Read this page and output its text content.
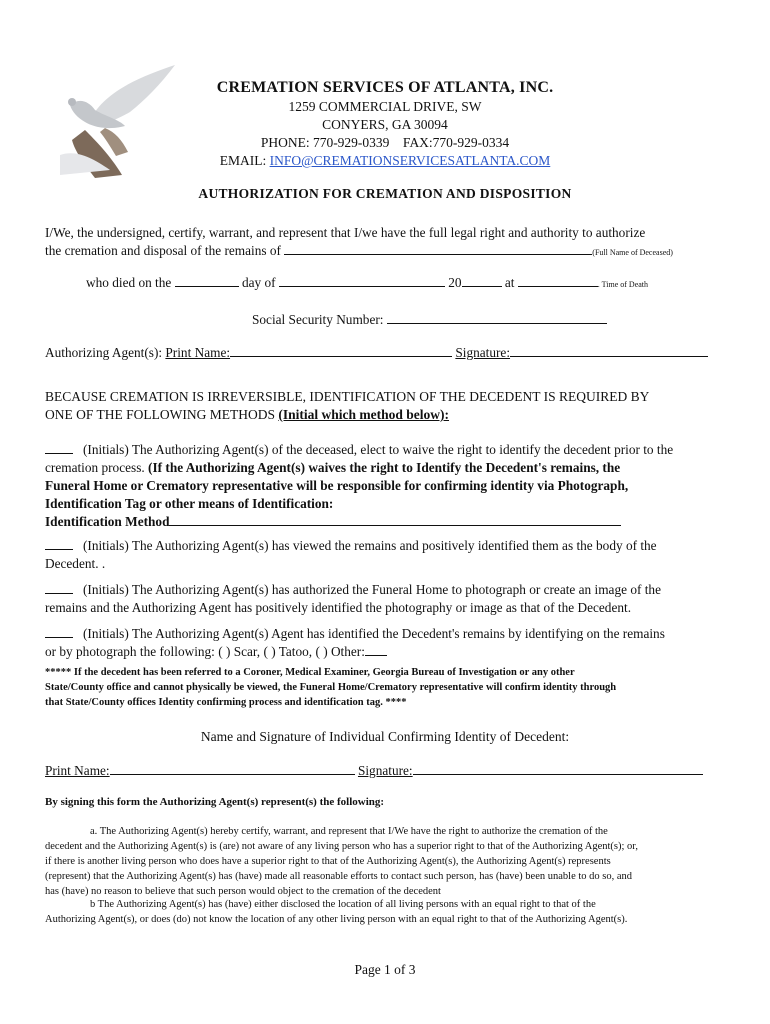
CREMATION SERVICES OF ATLANTA, INC.
1259 COMMERCIAL DRIVE, SW
CONYERS, GA 30094
PHONE: 770-929-0339    FAX:770-929-0334
EMAIL: INFO@CREMATIONSERVICESATLANTA.COM
AUTHORIZATION FOR CREMATION AND DISPOSITION
I/We, the undersigned, certify, warrant, and represent that I/we have the full legal right and authority to authorize
the cremation and disposal of the remains of	(Full Name of Deceased)
who died on the	day of	20	at	. Time of Death
Social Security Number:
Authorizing Agent(s): Print Name:	Signature:
BECAUSE CREMATION IS IRREVERSIBLE, IDENTIFICATION OF THE DECEDENT IS REQUIRED BY
ONE OF THE FOLLOWING METHODS (Initial which method below):
(Initials) The Authorizing Agent(s) of the deceased, elect to waive the right to identify the decedent prior to the
cremation process. (If the Authorizing Agent(s) waives the right to Identify the Decedent's remains, the
Funeral Home or Crematory representative will be responsible for confirming identity via Photograph,
Identification Tag or other means of Identification:
Identification Method
(Initials) The Authorizing Agent(s) has viewed the remains and positively identified them as the body of the
Decedent. .
(Initials) The Authorizing Agent(s) has authorized the Funeral Home to photograph or create an image of the
remains and the Authorizing Agent has positively identified the photography or image as that of the Decedent.
(Initials) The Authorizing Agent(s) Agent has identified the Decedent's remains by identifying on the remains
or by photograph the following: ( ) Scar, ( ) Tatoo, ( ) Other:
***** If the decedent has been referred to a Coroner, Medical Examiner, Georgia Bureau of Investigation or any other
State/County office and cannot physically be viewed, the Funeral Home/Crematory representative will confirm identity through
that State/County offices Identity confirming process and identification tag. ****
Name and Signature of Individual Confirming Identity of Decedent:
Print Name:	Signature:
By signing this form the Authorizing Agent(s) represent(s) the following:
a. The Authorizing Agent(s) hereby certify, warrant, and represent that I/We have the right to authorize the cremation of the
decedent and the Authorizing Agent(s) is (are) not aware of any living person who has a superior right to that of the Authorizing Agent(s); or,
if there is another living person who does have a superior right to that of the Authorizing Agent(s), the Authorizing Agent(s) represents
(represent) that the Authorizing Agent(s) has (have) made all reasonable efforts to contact such person, has (have) been unable to do so, and
has (have) no reason to believe that such person would object to the cremation of the decedent
b The Authorizing Agent(s) has (have) either disclosed the location of all living persons with an equal right to that of the
Authorizing Agent(s), or does (do) not know the location of any other living person with an equal right to that of the Authorizing Agent(s).
Page 1 of 3
